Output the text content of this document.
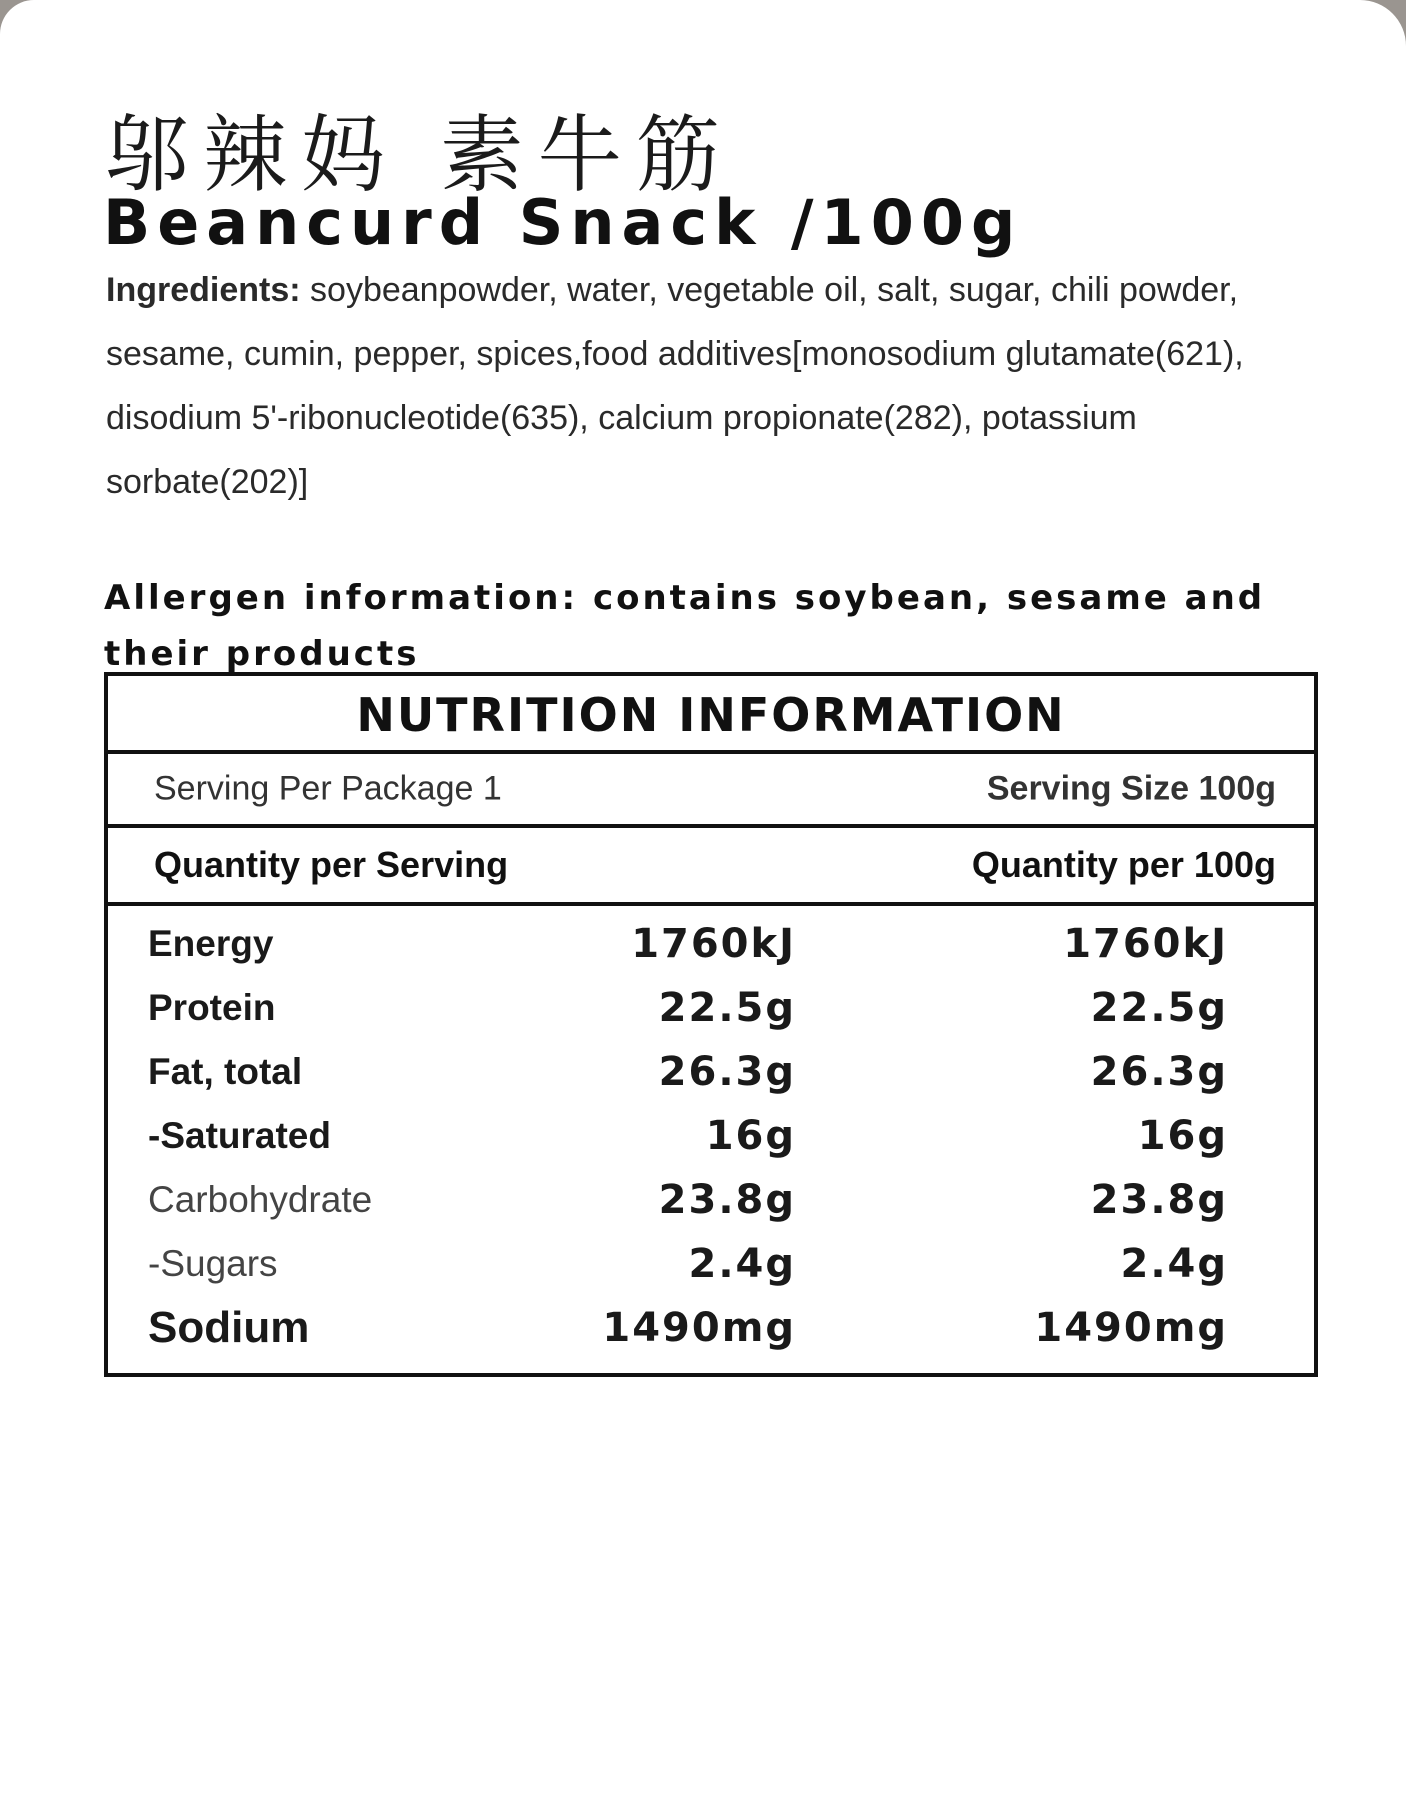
邬辣妈 素牛筋
Beancurd Snack /100g
Ingredients: soybeanpowder, water, vegetable oil, salt, sugar, chili powder, sesame, cumin, pepper, spices,food additives[monosodium glutamate(621), disodium 5'-ribonucleotide(635), calcium propionate(282), potassium sorbate(202)]
Allergen information: contains soybean, sesame and their products
NUTRITION INFORMATION
Serving Per Package 1	Serving Size 100g
Quantity per Serving	Quantity per 100g
Energy	1760kJ	1760kJ
Protein	22.5g	22.5g
Fat, total	26.3g	26.3g
-Saturated	16g	16g
Carbohydrate	23.8g	23.8g
-Sugars	2.4g	2.4g
Sodium	1490mg	1490mg
